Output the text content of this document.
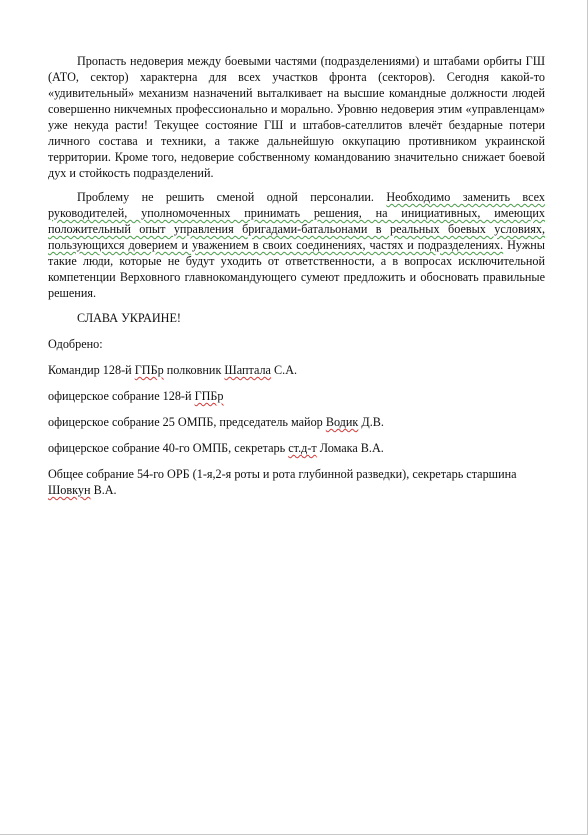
Пропасть недоверия между боевыми частями (подразделениями) и штабами орбиты ГШ (АТО, сектор) характерна для всех участков фронта (секторов). Сегодня какой-то «удивительный» механизм назначений выталкивает на высшие командные должности людей совершенно никчемных профессионально и морально. Уровню недоверия этим «управленцам» уже некуда расти! Текущее состояние ГШ и штабов-сателлитов влечёт бездарные потери личного состава и техники, а также дальнейшую оккупацию противником украинской территории. Кроме того, недоверие собственному командованию значительно снижает боевой дух и стойкость подразделений.

Проблему не решить сменой одной персоналии. Необходимо заменить всех руководителей, уполномоченных принимать решения, на инициативных, имеющих положительный опыт управления бригадами-батальонами в реальных боевых условиях, пользующихся доверием и уважением в своих соединениях, частях и подразделениях. Нужны такие люди, которые не будут уходить от ответственности, а в вопросах исключительной компетенции Верховного главнокомандующего сумеют предложить и обосновать правильные решения.

СЛАВА УКРАИНЕ!

Одобрено:

Командир 128-й ГПБр полковник Шаптала С.А.

офицерское собрание 128-й ГПБр

офицерское собрание 25 ОМПБ, председатель майор Водик Д.В.

офицерское собрание 40-го ОМПБ, секретарь ст.д-т Ломака В.А.

Общее собрание 54-го ОРБ (1-я,2-я роты и рота глубинной разведки), секретарь старшина Шовкун В.А.
